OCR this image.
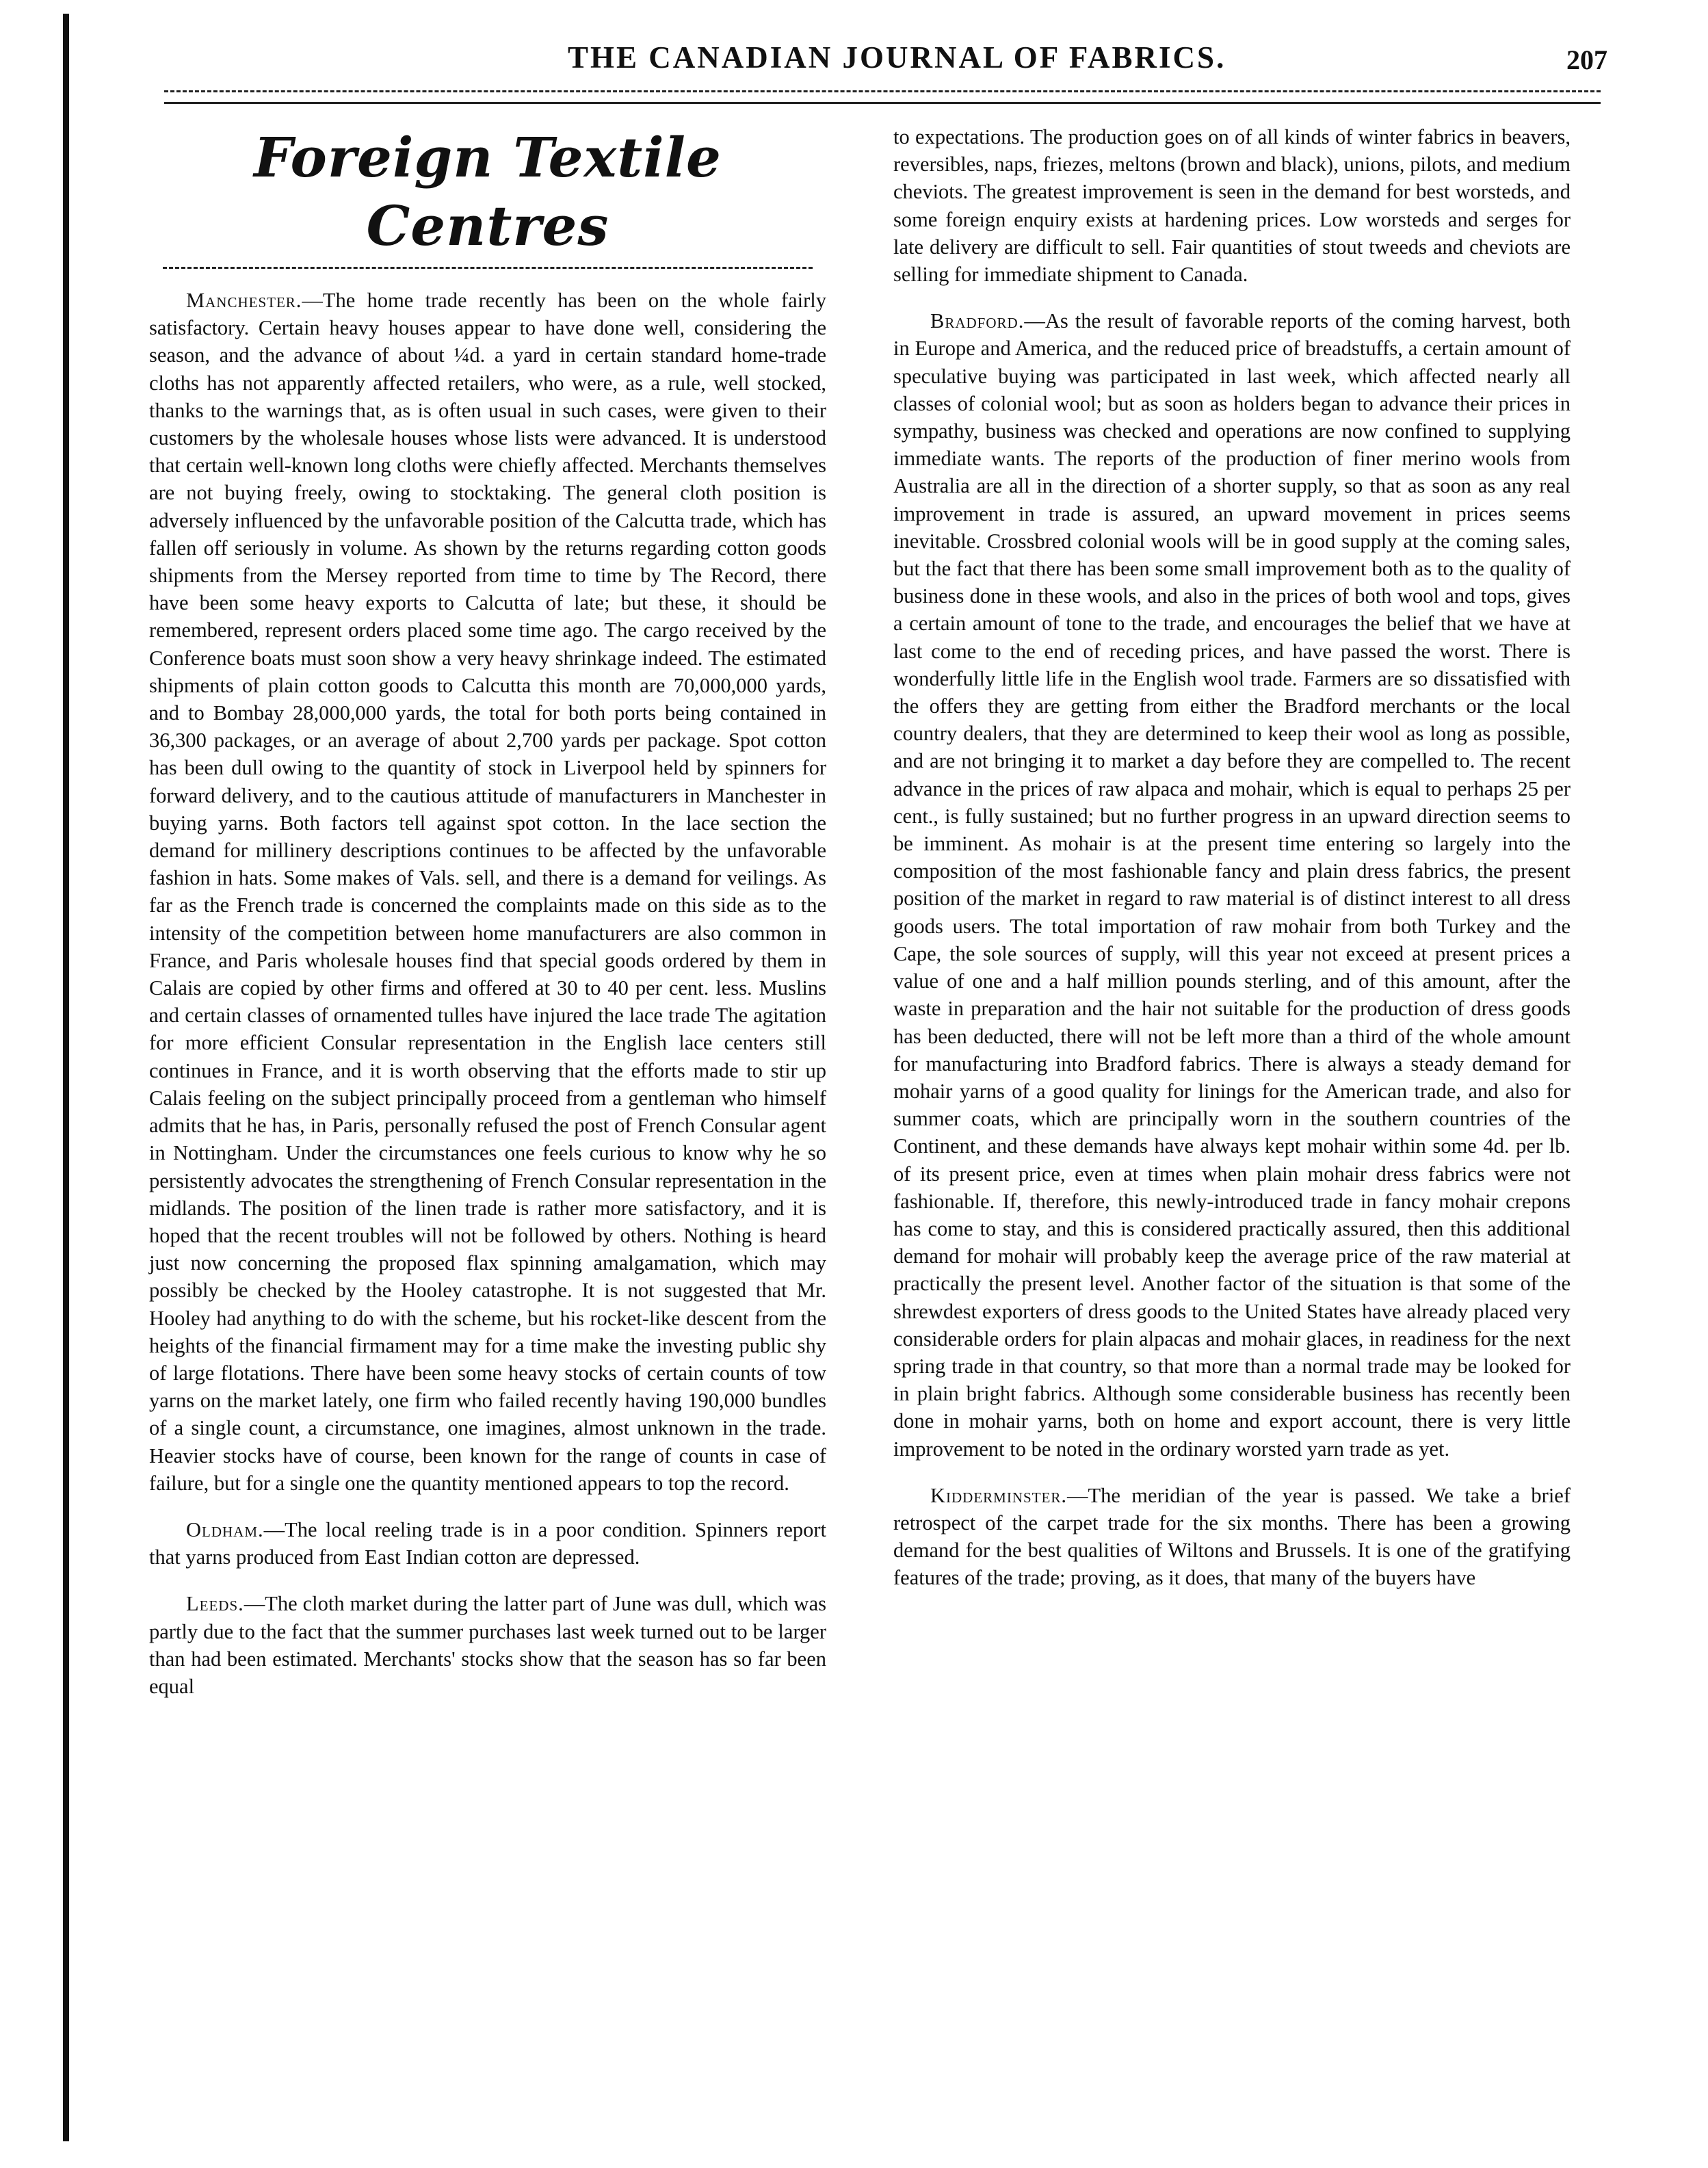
THE CANADIAN JOURNAL OF FABRICS.	207
Foreign Textile Centres

Manchester.—The home trade recently has been on the whole fairly satisfactory. Certain heavy houses appear to have done well, considering the season, and the advance of about ¼d. a yard in certain standard home-trade cloths has not apparently affected retailers, who were, as a rule, well stocked, thanks to the warnings that, as is often usual in such cases, were given to their customers by the wholesale houses whose lists were advanced. It is understood that certain well-known long cloths were chiefly affected. Merchants themselves are not buying freely, owing to stocktaking. The general cloth position is adversely influenced by the unfavorable position of the Calcutta trade, which has fallen off seriously in volume. As shown by the returns regarding cotton goods shipments from the Mersey reported from time to time by The Record, there have been some heavy exports to Calcutta of late; but these, it should be remembered, represent orders placed some time ago. The cargo received by the Conference boats must soon show a very heavy shrinkage indeed. The estimated shipments of plain cotton goods to Calcutta this month are 70,000,000 yards, and to Bombay 28,000,000 yards, the total for both ports being contained in 36,300 packages, or an average of about 2,700 yards per package. Spot cotton has been dull owing to the quantity of stock in Liverpool held by spinners for forward delivery, and to the cautious attitude of manufacturers in Manchester in buying yarns. Both factors tell against spot cotton. In the lace section the demand for millinery descriptions continues to be affected by the unfavorable fashion in hats. Some makes of Vals. sell, and there is a demand for veilings. As far as the French trade is concerned the complaints made on this side as to the intensity of the competition between home manufacturers are also common in France, and Paris wholesale houses find that special goods ordered by them in Calais are copied by other firms and offered at 30 to 40 per cent. less. Muslins and certain classes of ornamented tulles have injured the lace trade The agitation for more efficient Consular representation in the English lace centers still continues in France, and it is worth observing that the efforts made to stir up Calais feeling on the subject principally proceed from a gentleman who himself admits that he has, in Paris, personally refused the post of French Consular agent in Nottingham. Under the circumstances one feels curious to know why he so persistently advocates the strengthening of French Consular representation in the midlands. The position of the linen trade is rather more satisfactory, and it is hoped that the recent troubles will not be followed by others. Nothing is heard just now concerning the proposed flax spinning amalgamation, which may possibly be checked by the Hooley catastrophe. It is not suggested that Mr. Hooley had anything to do with the scheme, but his rocket-like descent from the heights of the financial firmament may for a time make the investing public shy of large flotations. There have been some heavy stocks of certain counts of tow yarns on the market lately, one firm who failed recently having 190,000 bundles of a single count, a circumstance, one imagines, almost unknown in the trade. Heavier stocks have of course, been known for the range of counts in case of failure, but for a single one the quantity mentioned appears to top the record.

Oldham.—The local reeling trade is in a poor condition. Spinners report that yarns produced from East Indian cotton are depressed.

Leeds.—The cloth market during the latter part of June was dull, which was partly due to the fact that the summer purchases last week turned out to be larger than had been estimated. Merchants' stocks show that the season has so far been equal

to expectations. The production goes on of all kinds of winter fabrics in beavers, reversibles, naps, friezes, meltons (brown and black), unions, pilots, and medium cheviots. The greatest improvement is seen in the demand for best worsteds, and some foreign enquiry exists at hardening prices. Low worsteds and serges for late delivery are difficult to sell. Fair quantities of stout tweeds and cheviots are selling for immediate shipment to Canada.

Bradford.—As the result of favorable reports of the coming harvest, both in Europe and America, and the reduced price of breadstuffs, a certain amount of speculative buying was participated in last week, which affected nearly all classes of colonial wool; but as soon as holders began to advance their prices in sympathy, business was checked and operations are now confined to supplying immediate wants. The reports of the production of finer merino wools from Australia are all in the direction of a shorter supply, so that as soon as any real improvement in trade is assured, an upward movement in prices seems inevitable. Crossbred colonial wools will be in good supply at the coming sales, but the fact that there has been some small improvement both as to the quality of business done in these wools, and also in the prices of both wool and tops, gives a certain amount of tone to the trade, and encourages the belief that we have at last come to the end of receding prices, and have passed the worst. There is wonderfully little life in the English wool trade. Farmers are so dissatisfied with the offers they are getting from either the Bradford merchants or the local country dealers, that they are determined to keep their wool as long as possible, and are not bringing it to market a day before they are compelled to. The recent advance in the prices of raw alpaca and mohair, which is equal to perhaps 25 per cent., is fully sustained; but no further progress in an upward direction seems to be imminent. As mohair is at the present time entering so largely into the composition of the most fashionable fancy and plain dress fabrics, the present position of the market in regard to raw material is of distinct interest to all dress goods users. The total importation of raw mohair from both Turkey and the Cape, the sole sources of supply, will this year not exceed at present prices a value of one and a half million pounds sterling, and of this amount, after the waste in preparation and the hair not suitable for the production of dress goods has been deducted, there will not be left more than a third of the whole amount for manufacturing into Bradford fabrics. There is always a steady demand for mohair yarns of a good quality for linings for the American trade, and also for summer coats, which are principally worn in the southern countries of the Continent, and these demands have always kept mohair within some 4d. per lb. of its present price, even at times when plain mohair dress fabrics were not fashionable. If, therefore, this newly-introduced trade in fancy mohair crepons has come to stay, and this is considered practically assured, then this additional demand for mohair will probably keep the average price of the raw material at practically the present level. Another factor of the situation is that some of the shrewdest exporters of dress goods to the United States have already placed very considerable orders for plain alpacas and mohair glaces, in readiness for the next spring trade in that country, so that more than a normal trade may be looked for in plain bright fabrics. Although some considerable business has recently been done in mohair yarns, both on home and export account, there is very little improvement to be noted in the ordinary worsted yarn trade as yet.

Kidderminster.—The meridian of the year is passed. We take a brief retrospect of the carpet trade for the six months. There has been a growing demand for the best qualities of Wiltons and Brussels. It is one of the gratifying features of the trade; proving, as it does, that many of the buyers have
